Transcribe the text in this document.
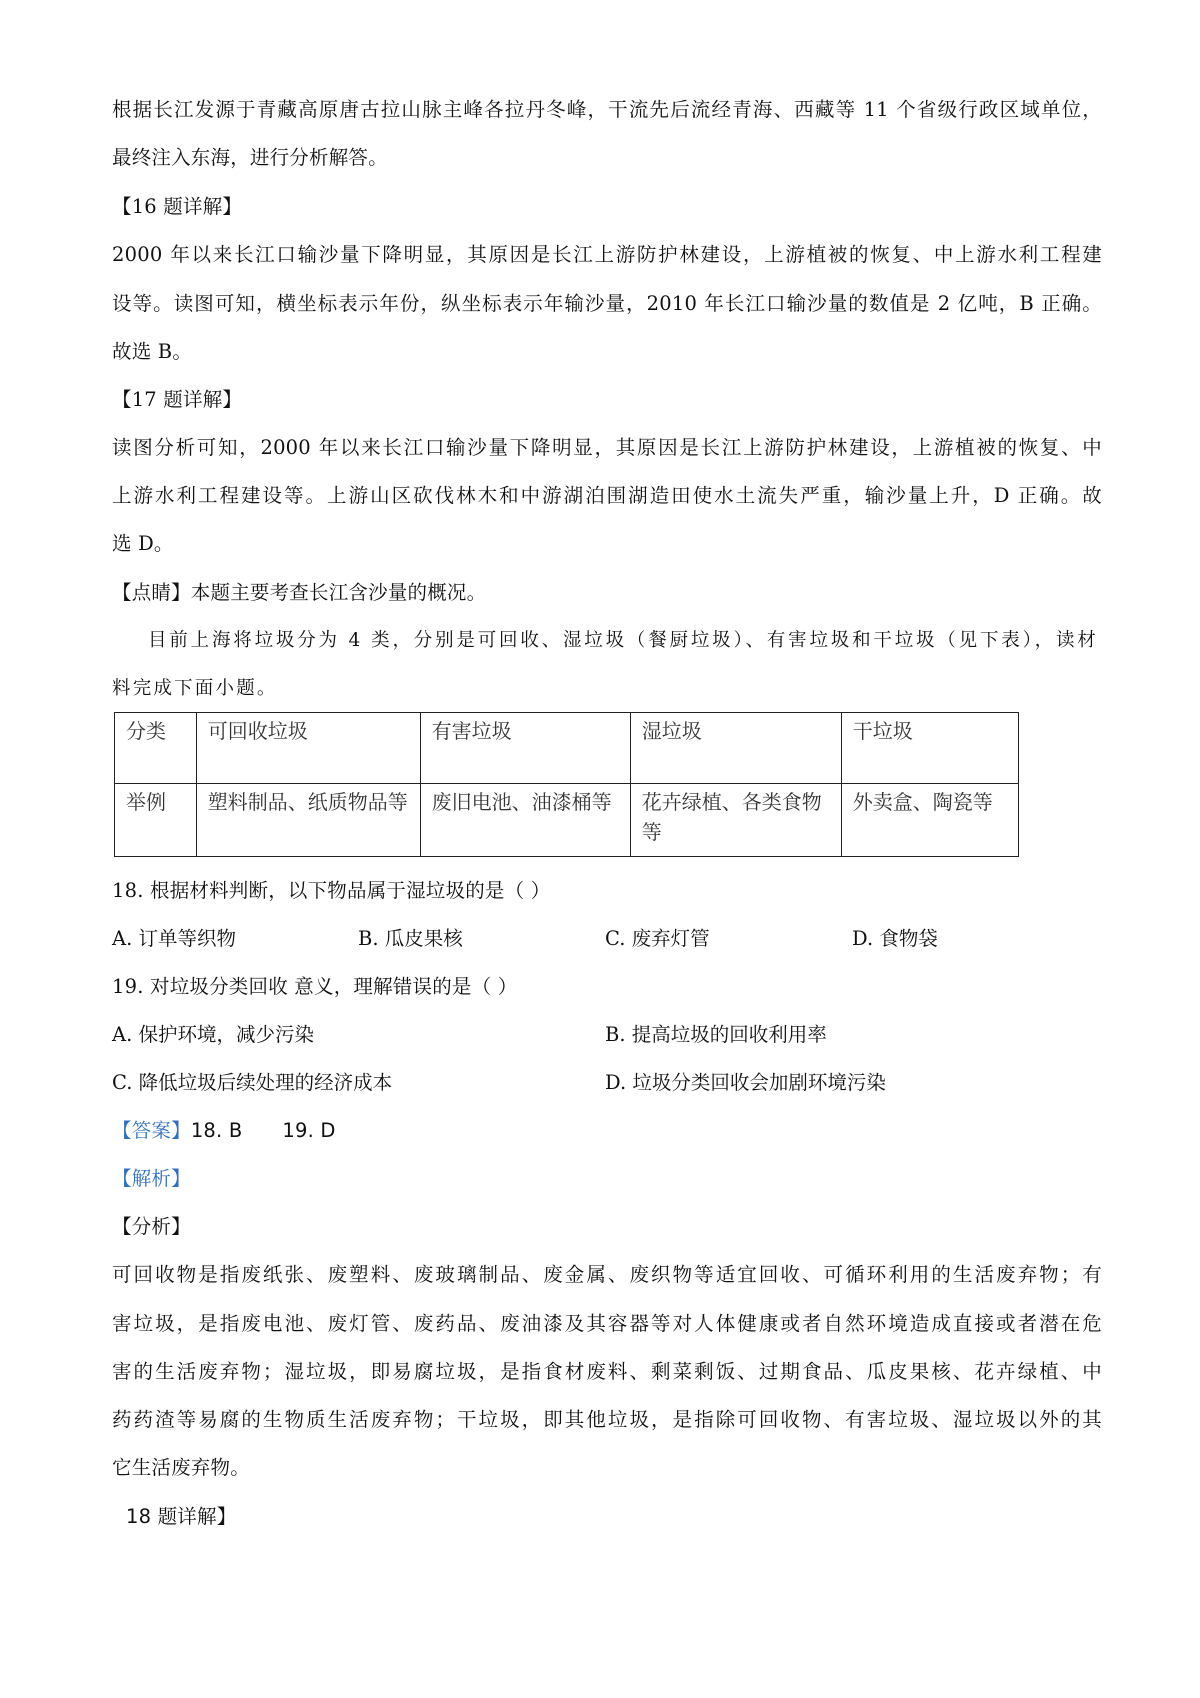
根据长江发源于青藏高原唐古拉山脉主峰各拉丹冬峰，干流先后流经青海、西藏等 11 个省级行政区域单位，
最终注入东海，进行分析解答。
【16 题详解】
2000 年以来长江口输沙量下降明显，其原因是长江上游防护林建设，上游植被的恢复、中上游水利工程建
设等。读图可知，横坐标表示年份，纵坐标表示年输沙量，2010 年长江口输沙量的数值是 2 亿吨，B 正确。
故选 B。
【17 题详解】
读图分析可知，2000 年以来长江口输沙量下降明显，其原因是长江上游防护林建设，上游植被的恢复、中
上游水利工程建设等。上游山区砍伐林木和中游湖泊围湖造田使水土流失严重，输沙量上升，D 正确。故
选 D。
【点睛】本题主要考查长江含沙量的概况。
目前上海将垃圾分为 4 类，分别是可回收、湿垃圾（餐厨垃圾）、有害垃圾和干垃圾（见下表），读材
料完成下面小题。
分类	可回收垃圾	有害垃圾	湿垃圾	干垃圾
举例	塑料制品、纸质物品等	废旧电池、油漆桶等	花卉绿植、各类食物等	外卖盒、陶瓷等
18. 根据材料判断，以下物品属于湿垃圾的是（ ）
A. 订单等织物	B. 瓜皮果核	C. 废弃灯管	D. 食物袋
19. 对垃圾分类回收 意义，理解错误的是（ ）
A. 保护环境，减少污染	B. 提高垃圾的回收利用率
C. 降低垃圾后续处理的经济成本	D. 垃圾分类回收会加剧环境污染
【答案】18. B 19. D
【解析】
【分析】
可回收物是指废纸张、废塑料、废玻璃制品、废金属、废织物等适宜回收、可循环利用的生活废弃物；有
害垃圾，是指废电池、废灯管、废药品、废油漆及其容器等对人体健康或者自然环境造成直接或者潜在危
害的生活废弃物；湿垃圾，即易腐垃圾，是指食材废料、剩菜剩饭、过期食品、瓜皮果核、花卉绿植、中
药药渣等易腐的生物质生活废弃物；干垃圾，即其他垃圾，是指除可回收物、有害垃圾、湿垃圾以外的其
它生活废弃物。
18 题详解】
